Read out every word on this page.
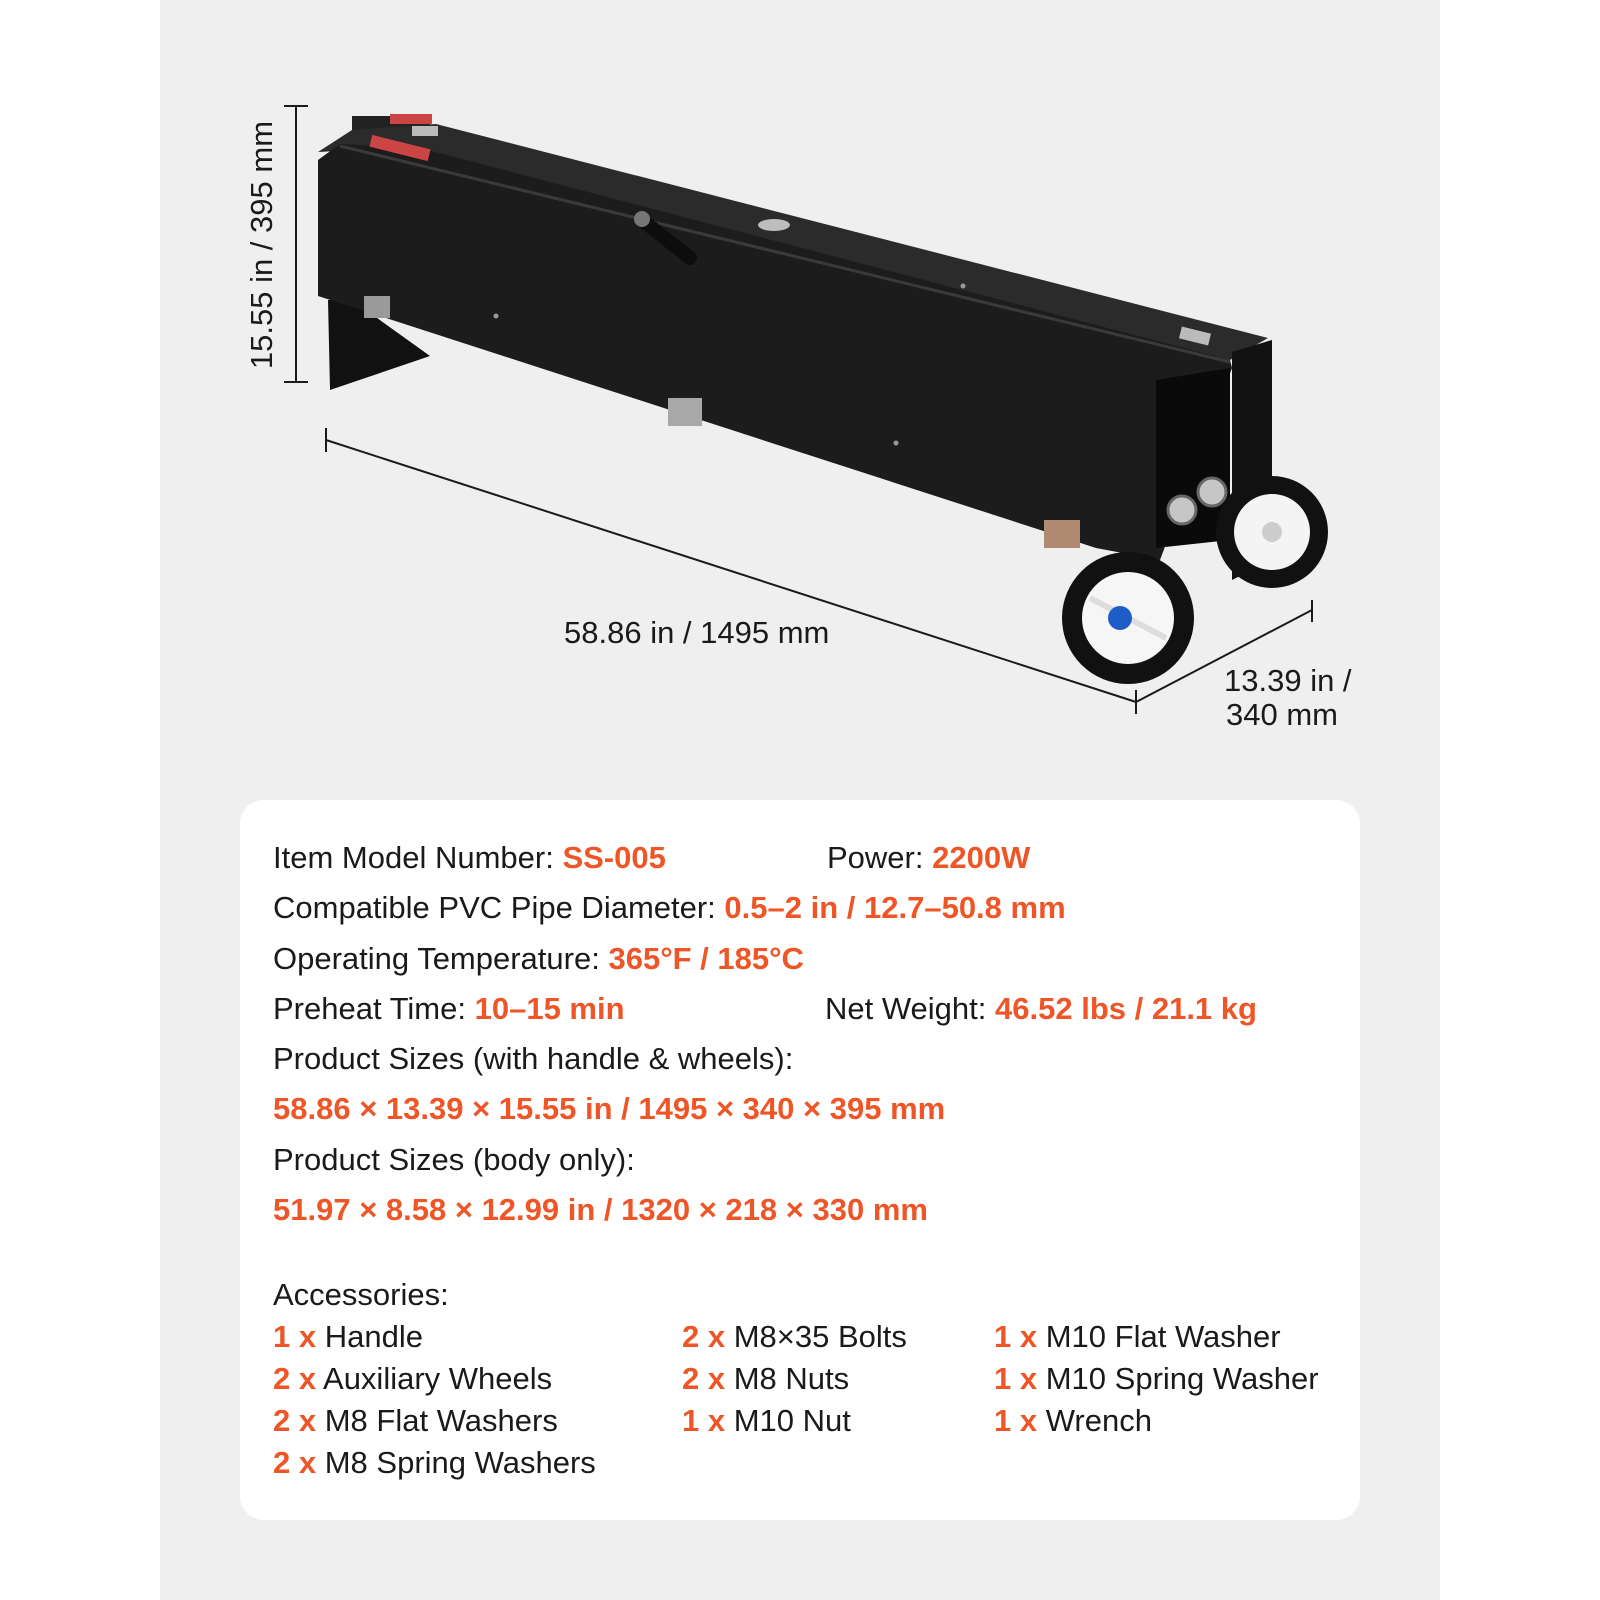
15.55 in / 395 mm
58.86 in / 1495 mm
13.39 in /
340 mm
Item Model Number: SS-005	Power: 2200W
Compatible PVC Pipe Diameter: 0.5–2 in / 12.7–50.8 mm
Operating Temperature: 365°F / 185°C
Preheat Time: 10–15 min	Net Weight: 46.52 lbs / 21.1 kg
Product Sizes (with handle & wheels):
58.86 × 13.39 × 15.55 in / 1495 × 340 × 395 mm
Product Sizes (body only):
51.97 × 8.58 × 12.99 in / 1320 × 218 × 330 mm
Accessories:
1 x Handle
2 x Auxiliary Wheels
2 x M8 Flat Washers
2 x M8 Spring Washers
2 x M8×35 Bolts
2 x M8 Nuts
1 x M10 Nut
1 x M10 Flat Washer
1 x M10 Spring Washer
1 x Wrench
